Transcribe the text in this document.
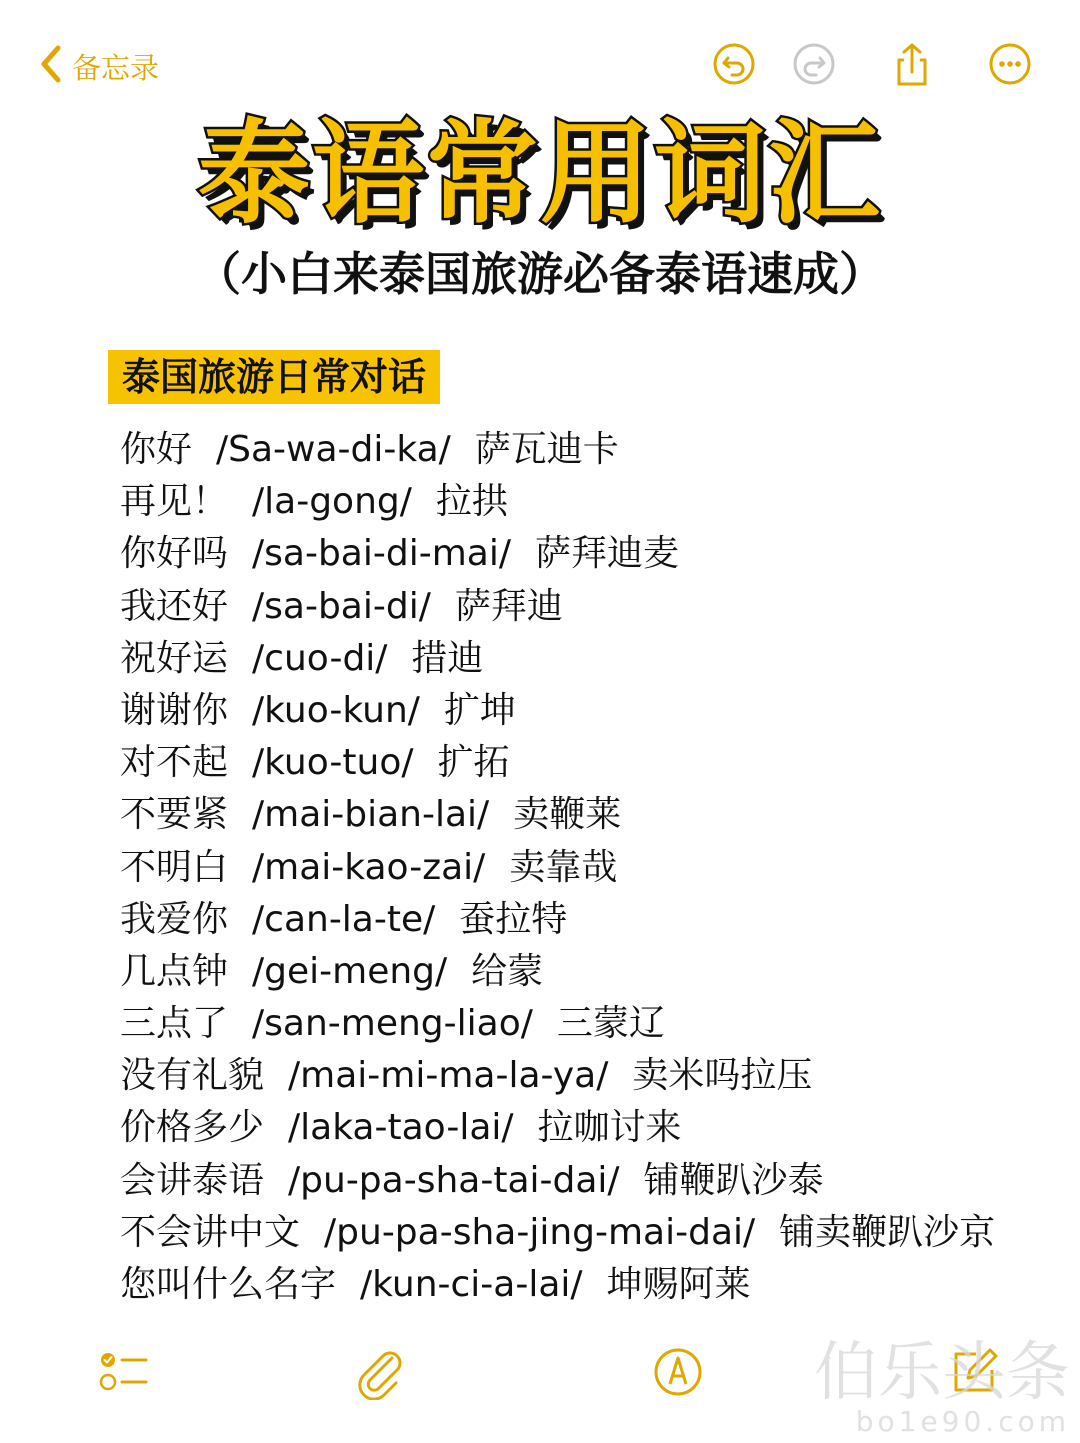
备忘录
泰语常用词汇
（小白来泰国旅游必备泰语速成）
泰国旅游日常对话
你好 /Sa-wa-di-ka/ 萨瓦迪卡
再见！ /la-gong/ 拉拱
你好吗 /sa-bai-di-mai/ 萨拜迪麦
我还好 /sa-bai-di/ 萨拜迪
祝好运 /cuo-di/ 措迪
谢谢你 /kuo-kun/ 扩坤
对不起 /kuo-tuo/ 扩拓
不要紧 /mai-bian-lai/ 卖鞭莱
不明白 /mai-kao-zai/ 卖靠哉
我爱你 /can-la-te/ 蚕拉特
几点钟 /gei-meng/ 给蒙
三点了 /san-meng-liao/ 三蒙辽
没有礼貌 /mai-mi-ma-la-ya/ 卖米吗拉压
价格多少 /laka-tao-lai/ 拉咖讨来
会讲泰语 /pu-pa-sha-tai-dai/ 铺鞭趴沙泰
不会讲中文 /pu-pa-sha-jing-mai-dai/ 铺卖鞭趴沙京
您叫什么名字 /kun-ci-a-lai/ 坤赐阿莱
伯乐头条
bo1e90.com
